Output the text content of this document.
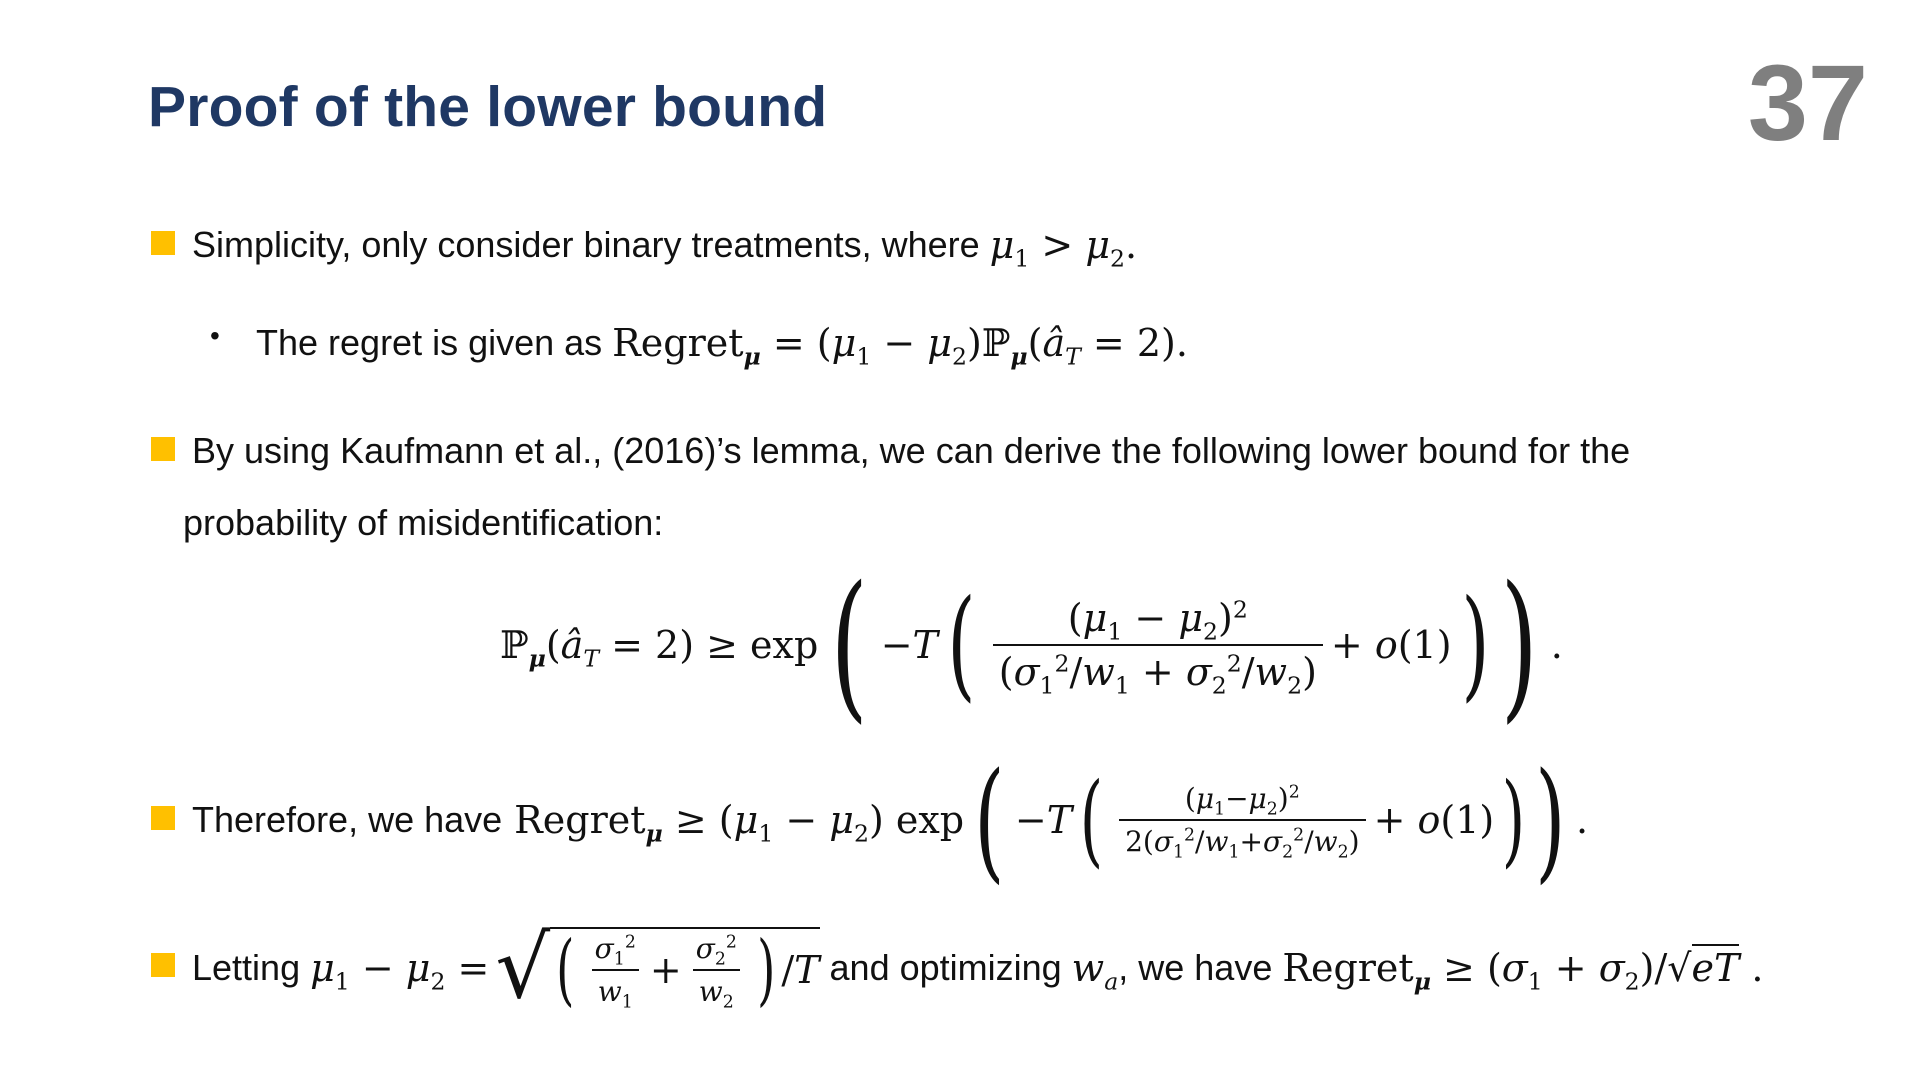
Proof of the lower bound	37
Simplicity, only consider binary treatments, where $\mu_1 > \mu_2$.
• The regret is given as Regret$_\mu$ = ($\mu_1$ − $\mu_2)ℙ_\mu(â_T = 2)$.
By using Kaufmann et al., (2016)’s lemma, we can derive the following lower bound for the
probability of misidentification:
$ℙ_\mu(â_T = 2) \ge \exp$ ( −T ( $\frac{(\mu_1 - \mu_2)^2}{(\sigma_1^2/w_1 + \sigma_2^2/w_2)} + o(1)$ ) ) .
Therefore, we have Regret$_\mu$ ≥ $(\mu_1 - \mu_2)$ exp ( −T ( $\frac{(\mu_1-\mu_2)^2}{2(\sigma_1^2/w_1+\sigma_2^2/w_2)} + o(1)$ ) ) .
Letting $\mu_1 - \mu_2$ = √ ( $\frac{\sigma_1^2}{w_1} + \frac{\sigma_2^2}{w_2}$ ) /T and optimizing $w_a$ , we have Regret$_\mu$ ≥ $(\sigma_1 + \sigma_2)/√eT$ .
